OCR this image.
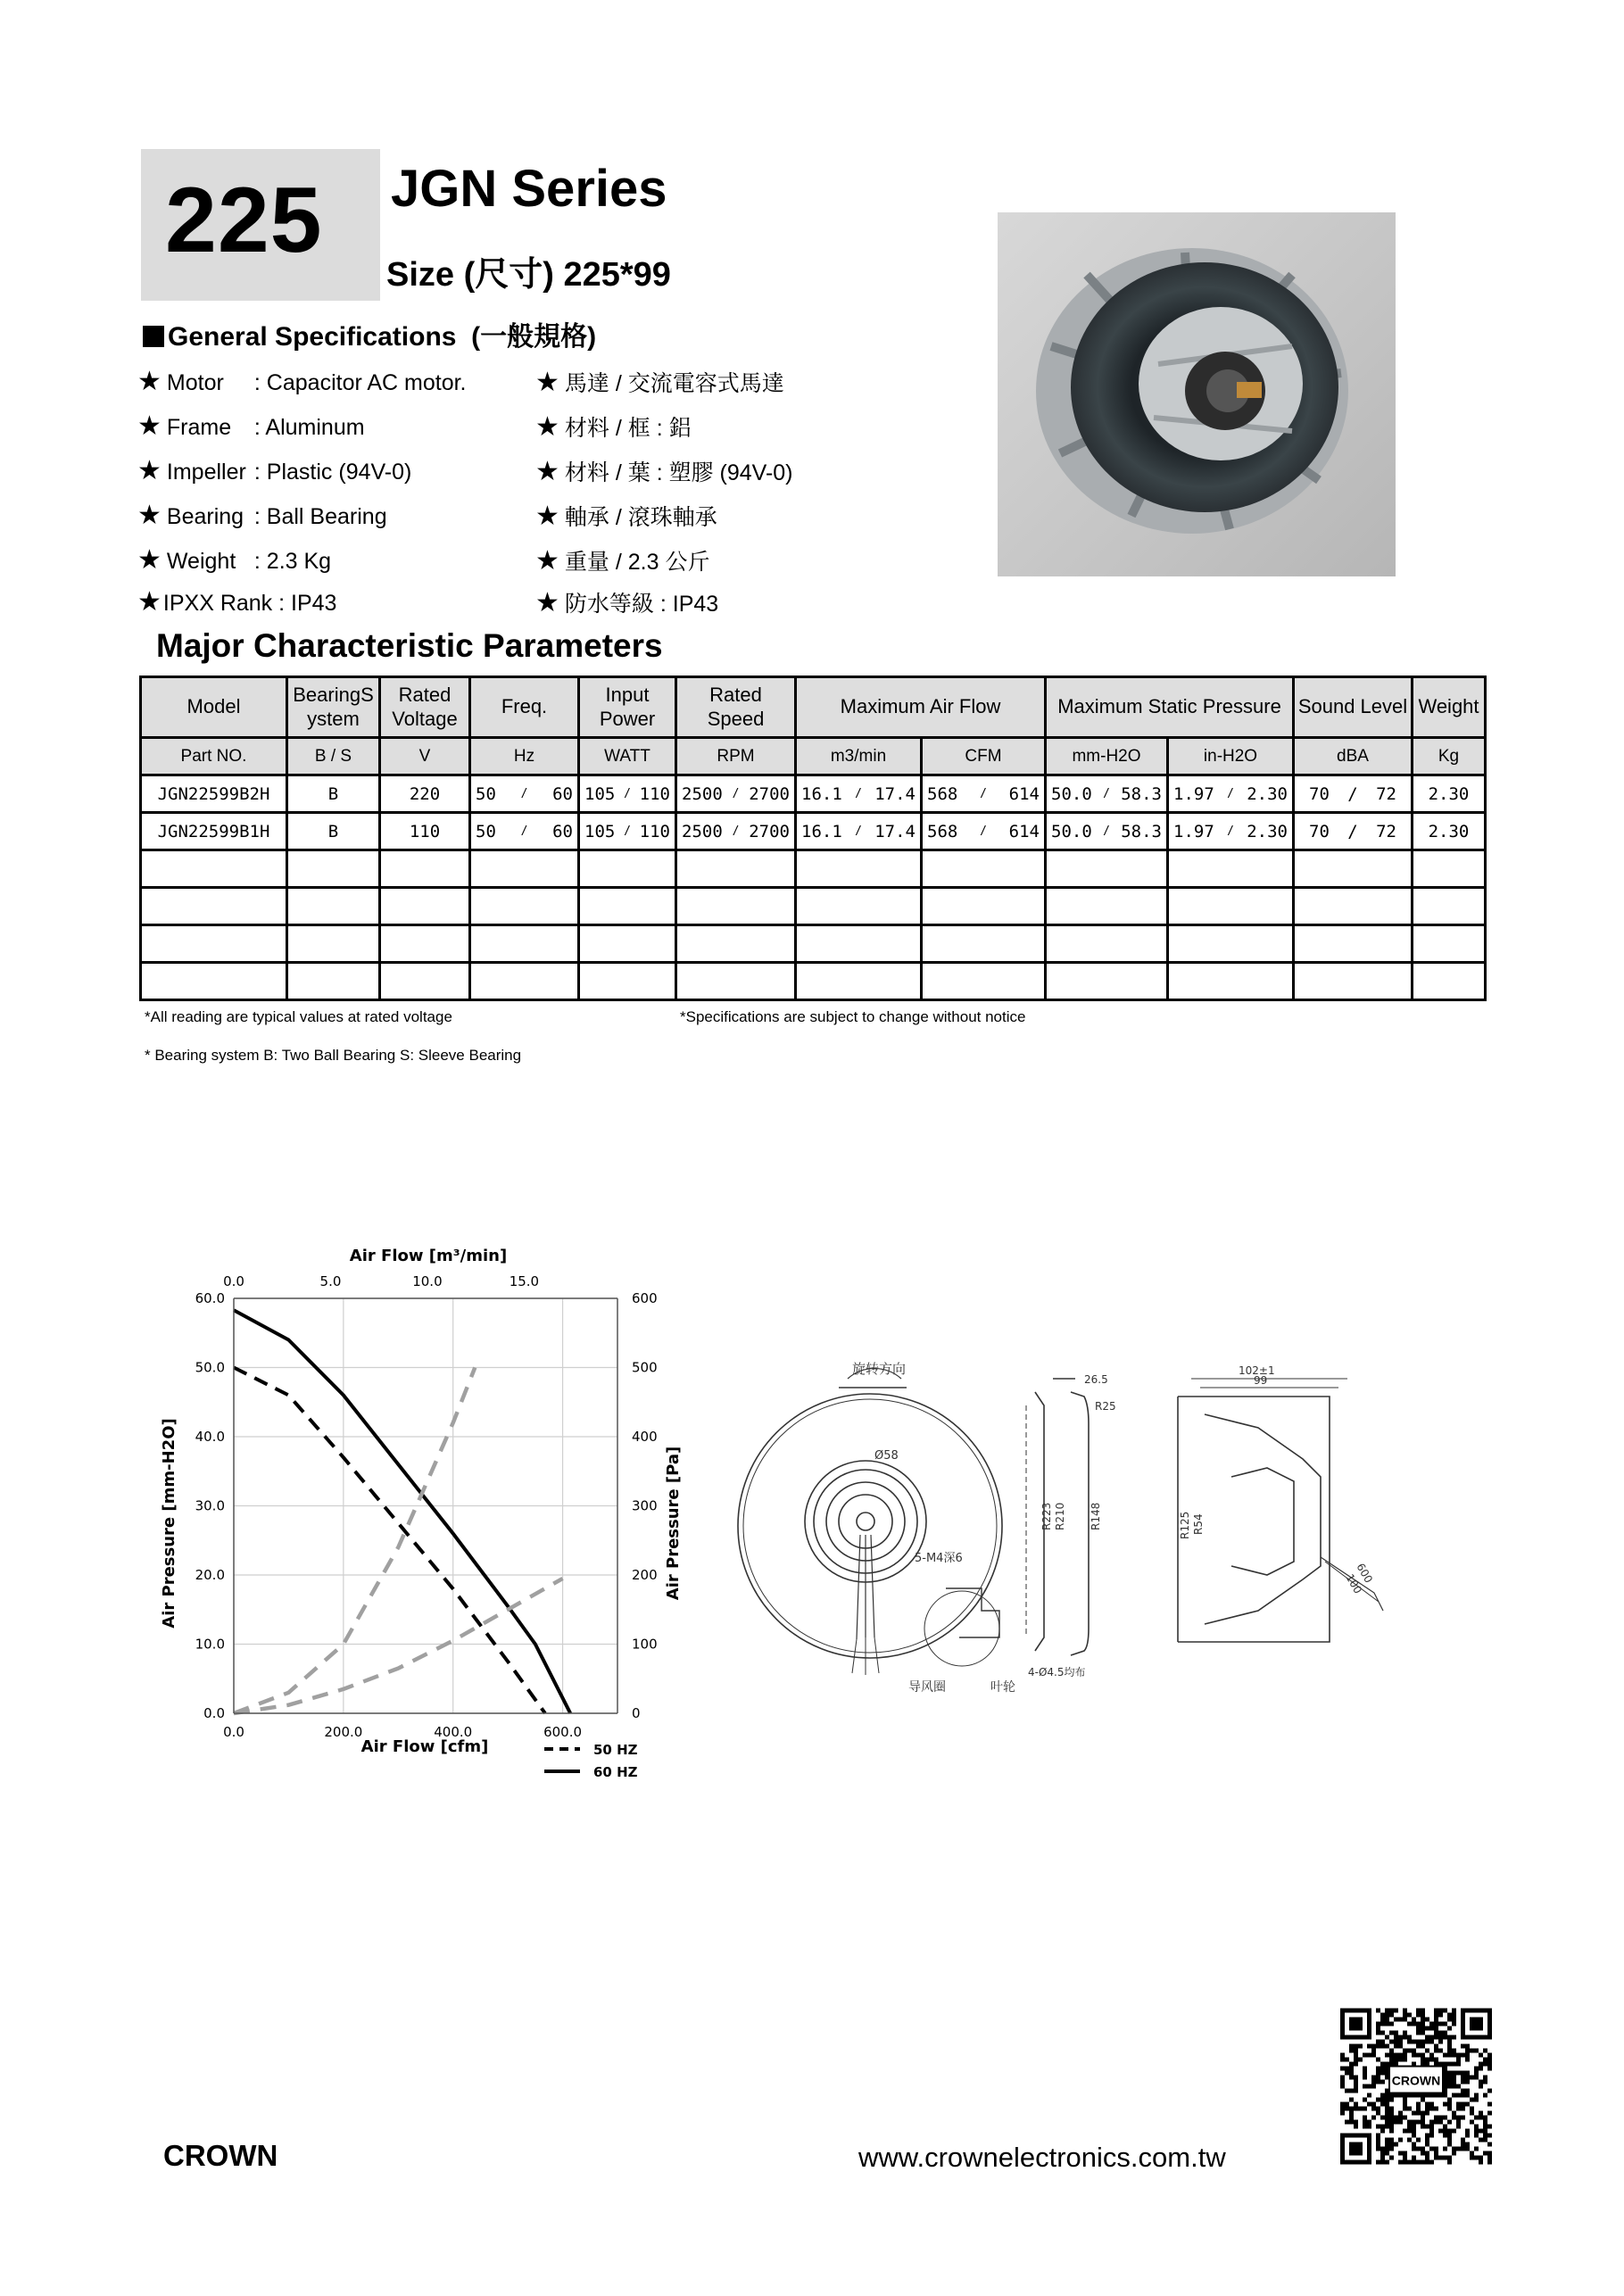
225 JGN Series
Size (尺寸) 225*99
General Specifications (一般規格)
★ Motor : Capacitor AC motor.
★ Frame : Aluminum
★ Impeller : Plastic (94V-0)
★ Bearing : Ball Bearing
★ Weight : 2.3 Kg
★IPXX Rank : IP43
★ 馬達 / 交流電容式馬達
★ 材料 / 框 : 鋁
★ 材料 / 葉 : 塑膠 (94V-0)
★ 軸承 / 滾珠軸承
★ 重量 / 2.3 公斤
★ 防水等級 : IP43
Major Characteristic Parameters
Model	BearingS ystem	Rated Voltage	Freq.	Input Power	Rated Speed	Maximum Air Flow		Maximum Static Pressure		Sound Level	Weight
Part NO.	B / S	V	Hz	WATT	RPM	m3/min	CFM	mm-H2O	in-H2O	dBA	Kg
JGN22599B2H	B	220	50 / 60	105 / 110	2500 / 2700	16.1 / 17.4	568 / 614	50.0 / 58.3	1.97 / 2.30	70 / 72	2.30
JGN22599B1H	B	110	50 / 60	105 / 110	2500 / 2700	16.1 / 17.4	568 / 614	50.0 / 58.3	1.97 / 2.30	70 / 72	2.30

*All reading are typical values at rated voltage	*Specifications are subject to change without notice
* Bearing system B: Two Ball Bearing S: Sleeve Bearing
0.0	0
10.0	100
20.0	200
30.0	300
40.0	400
50.0	500
60.0	600
0.0	200.0	400.0	600.0
0.0	5.0	10.0	15.0
Air Flow [m³/min]
Air Flow [cfm]
Air Pressure [mm-H2O]	Air Pressure [Pa]
50 HZ
60 HZ
旋转方向
Ø58
5-M4深6
导风圈	叶轮
26.5
R25
R223 R210 R148
4-Ø4.5均布
102±1
99
R125 R54
600
100
CROWN	www.crownelectronics.com.tw
CROWN
